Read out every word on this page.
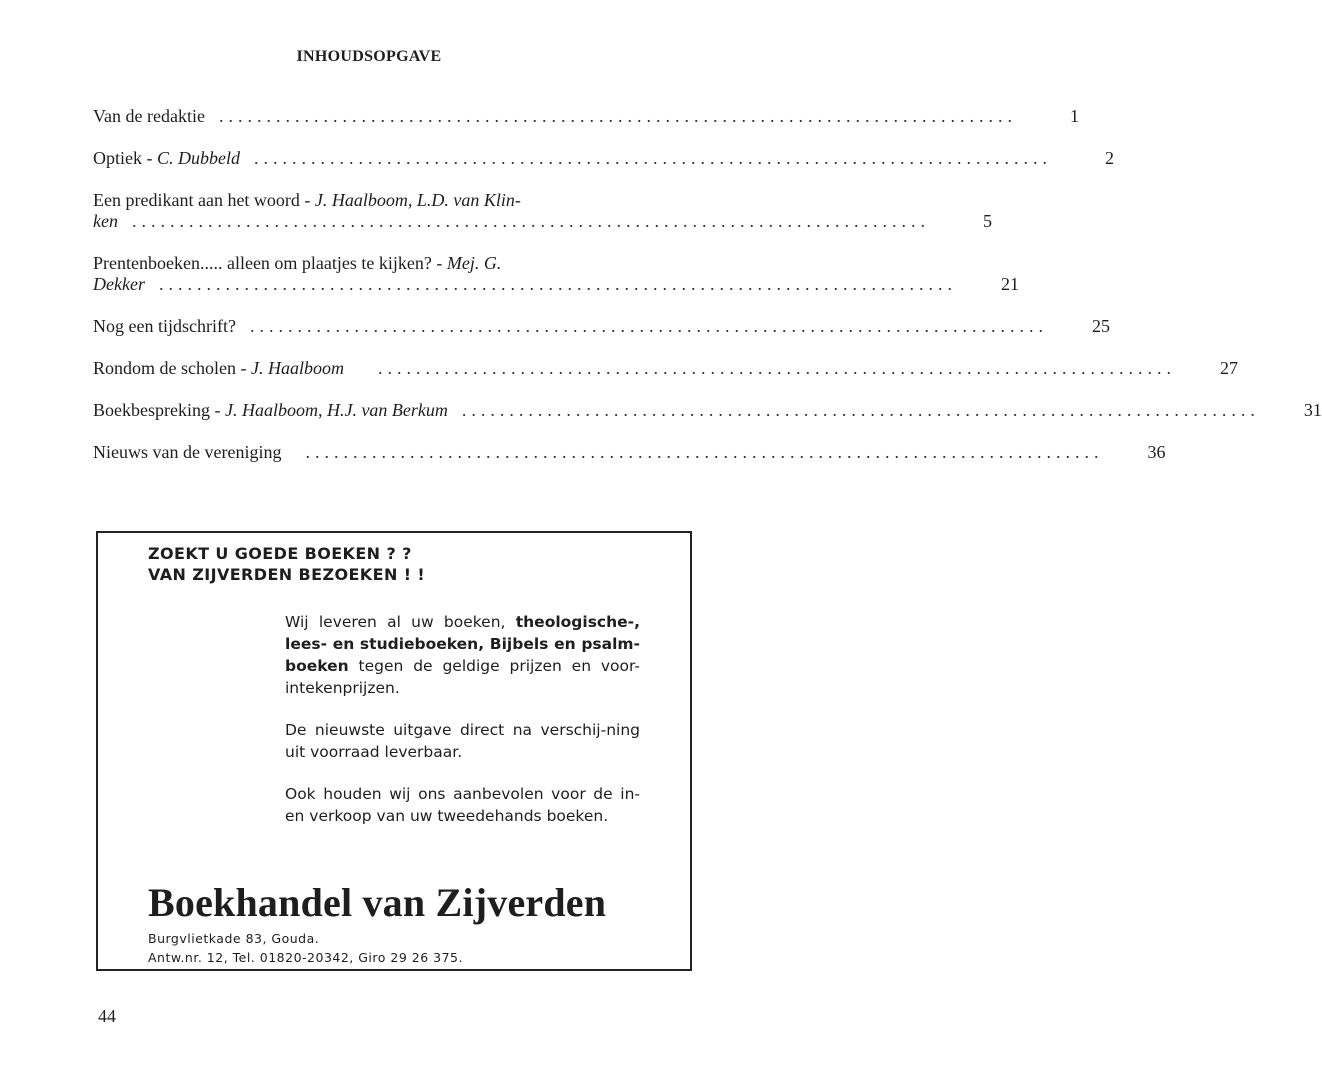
INHOUDSOPGAVE
Van de redaktie ....................................................................................	1
Optiek - C. Dubbeld ....................................................................................	2
Een predikant aan het woord - J. Haalboom, L.D. van Klin-
ken ....................................................................................	5
Prentenboeken..... alleen om plaatjes te kijken? - Mej. G.
Dekker .................................................................................... 21
Nog een tijdschrift? .................................................................................... 25
Rondom de scholen - J. Haalboom .................................................................................... 27
Boekbespreking - J. Haalboom, H.J. van Berkum .................................................................................... 31
Nieuws van de vereniging .................................................................................... 36
ZOEKT U GOEDE BOEKEN ? ?
VAN ZIJVERDEN BEZOEKEN ! !

Wij leveren al uw boeken, theologische-, lees- en studieboeken, Bijbels en psalm-boeken tegen de geldige prijzen en voor-intekenprijzen.

De nieuwste uitgave direct na verschij-ning uit voorraad leverbaar.

Ook houden wij ons aanbevolen voor de in- en verkoop van uw tweedehands boeken.

Boekhandel van Zijverden
Burgvlietkade 83, Gouda.
Antw.nr. 12, Tel. 01820-20342, Giro 29 26 375.
44
